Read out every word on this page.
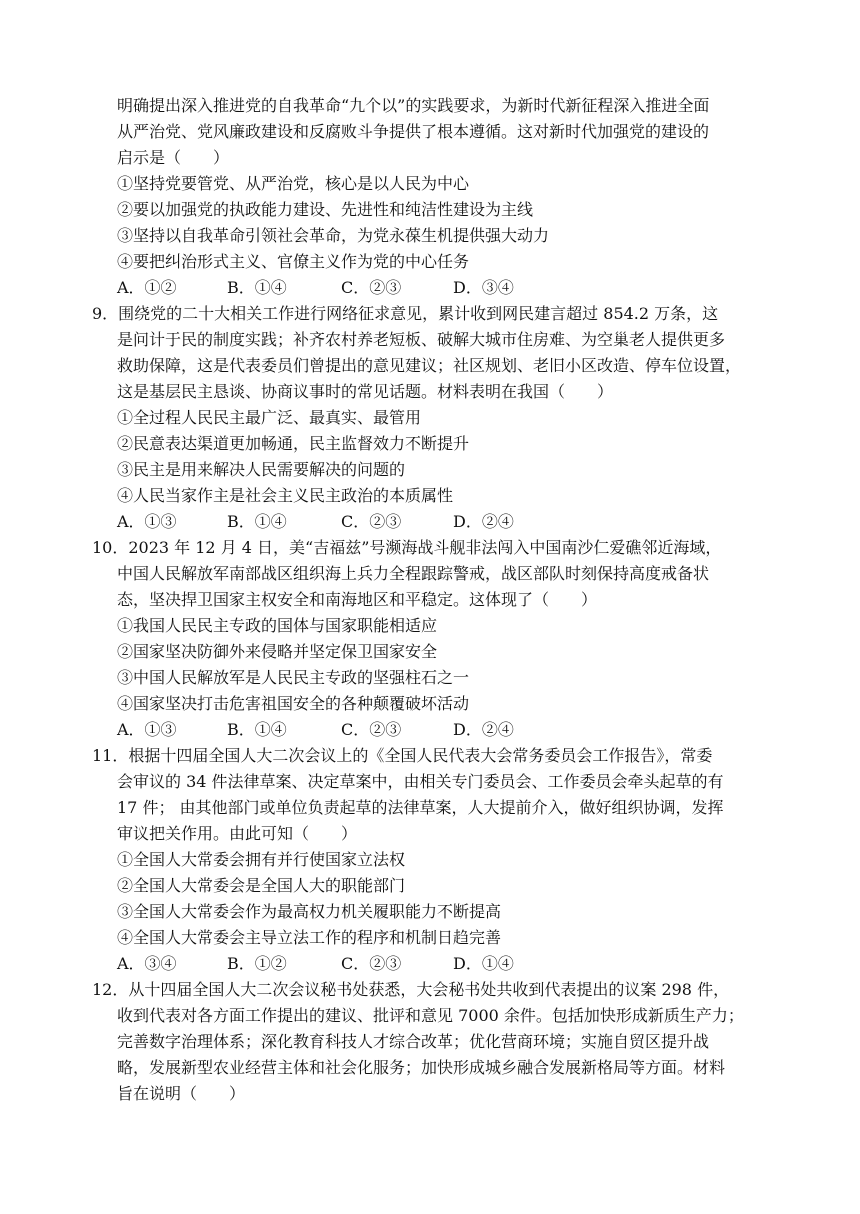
明确提出深入推进党的自我革命“九个以”的实践要求，为新时代新征程深入推进全面
从严治党、党风廉政建设和反腐败斗争提供了根本遵循。这对新时代加强党的建设的
启示是（　　）
①坚持党要管党、从严治党，核心是以人民为中心
②要以加强党的执政能力建设、先进性和纯洁性建设为主线
③坚持以自我革命引领社会革命，为党永葆生机提供强大动力
④要把纠治形式主义、官僚主义作为党的中心任务
A．①②	B．①④	C．②③	D．③④
9．围绕党的二十大相关工作进行网络征求意见，累计收到网民建言超过 854.2 万条，这
是问计于民的制度实践；补齐农村养老短板、破解大城市住房难、为空巢老人提供更多
救助保障，这是代表委员们曾提出的意见建议；社区规划、老旧小区改造、停车位设置，
这是基层民主恳谈、协商议事时的常见话题。材料表明在我国（　　）
①全过程人民民主最广泛、最真实、最管用
②民意表达渠道更加畅通，民主监督效力不断提升
③民主是用来解决人民需要解决的问题的
④人民当家作主是社会主义民主政治的本质属性
A．①③	B．①④	C．②③	D．②④
10．2023 年 12 月 4 日，美“吉福兹”号濒海战斗舰非法闯入中国南沙仁爱礁邻近海域，
中国人民解放军南部战区组织海上兵力全程跟踪警戒，战区部队时刻保持高度戒备状
态，坚决捍卫国家主权安全和南海地区和平稳定。这体现了（　　）
①我国人民民主专政的国体与国家职能相适应
②国家坚决防御外来侵略并坚定保卫国家安全
③中国人民解放军是人民民主专政的坚强柱石之一
④国家坚决打击危害祖国安全的各种颠覆破坏活动
A．①③	B．①④	C．②③	D．②④
11．根据十四届全国人大二次会议上的《全国人民代表大会常务委员会工作报告》，常委
会审议的 34 件法律草案、决定草案中，由相关专门委员会、工作委员会牵头起草的有
17 件； 由其他部门或单位负责起草的法律草案，人大提前介入，做好组织协调，发挥
审议把关作用。由此可知（　　）
①全国人大常委会拥有并行使国家立法权
②全国人大常委会是全国人大的职能部门
③全国人大常委会作为最高权力机关履职能力不断提高
④全国人大常委会主导立法工作的程序和机制日趋完善
A．③④	B．①②	C．②③	D．①④
12．从十四届全国人大二次会议秘书处获悉，大会秘书处共收到代表提出的议案 298 件，
收到代表对各方面工作提出的建议、批评和意见 7000 余件。包括加快形成新质生产力；
完善数字治理体系；深化教育科技人才综合改革；优化营商环境；实施自贸区提升战
略，发展新型农业经营主体和社会化服务；加快形成城乡融合发展新格局等方面。材料
旨在说明（　　）
